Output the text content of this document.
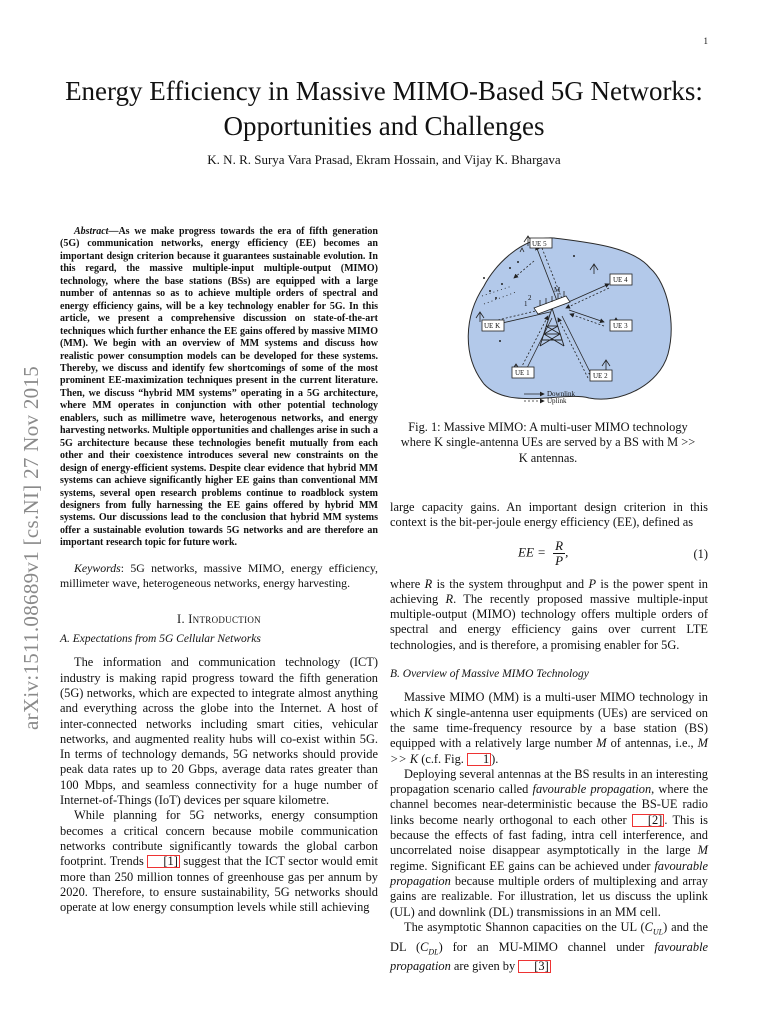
1
arXiv:1511.08689v1 [cs.NI] 27 Nov 2015
Energy Efficiency in Massive MIMO-Based 5G Networks: Opportunities and Challenges
K. N. R. Surya Vara Prasad, Ekram Hossain, and Vijay K. Bhargava

Abstract—As we make progress towards the era of fifth generation (5G) communication networks, energy efficiency (EE) becomes an important design criterion because it guarantees sustainable evolution. In this regard, the massive multiple-input multiple-output (MIMO) technology, where the base stations (BSs) are equipped with a large number of antennas so as to achieve multiple orders of spectral and energy efficiency gains, will be a key technology enabler for 5G. In this article, we present a comprehensive discussion on state-of-the-art techniques which further enhance the EE gains offered by massive MIMO (MM). We begin with an overview of MM systems and discuss how realistic power consumption models can be developed for these systems. Thereby, we discuss and identify few shortcomings of some of the most prominent EE-maximization techniques present in the current literature. Then, we discuss “hybrid MM systems” operating in a 5G architecture, where MM operates in conjunction with other potential technology enablers, such as millimetre wave, heterogenous networks, and energy harvesting networks. Multiple opportunities and challenges arise in such a 5G architecture because these technologies benefit mutually from each other and their coexistence introduces several new constraints on the design of energy-efficient systems. Despite clear evidence that hybrid MM systems can achieve significantly higher EE gains than conventional MM systems, several open research problems continue to roadblock system designers from fully harnessing the EE gains offered by hybrid MM systems. Our discussions lead to the conclusion that hybrid MM systems offer a sustainable evolution towards 5G networks and are therefore an important research topic for future work.

Keywords: 5G networks, massive MIMO, energy efficiency, millimeter wave, heterogeneous networks, energy harvesting.

I. Introduction
A. Expectations from 5G Cellular Networks

The information and communication technology (ICT) industry is making rapid progress toward the fifth generation (5G) networks, which are expected to integrate almost anything and everything across the globe into the Internet. A host of inter-connected networks including smart cities, vehicular networks, and augmented reality hubs will co-exist within 5G. In terms of technology demands, 5G networks should provide peak data rates up to 20 Gbps, average data rates greater than 100 Mbps, and seamless connectivity for a huge number of Internet-of-Things (IoT) devices per square kilometre.

While planning for 5G networks, energy consumption becomes a critical concern because mobile communication networks contribute significantly towards the global carbon footprint. Trends [1] suggest that the ICT sector would emit more than 250 million tonnes of greenhouse gas per annum by 2020. Therefore, to ensure sustainability, 5G networks should operate at low energy consumption levels while still achieving

UE 5
UE 4
UE 3
UE 2
UE 1
UE K
M
1
2
Downlink
Uplink
Fig. 1: Massive MIMO: A multi-user MIMO technology where K single-antenna UEs are served by a BS with M >> K antennas.

large capacity gains. An important design criterion in this context is the bit-per-joule energy efficiency (EE), defined as

EE = $\frac{R}{P}$ ,	(1)

where R is the system throughput and P is the power spent in achieving R. The recently proposed massive multiple-input multiple-output (MIMO) technology offers multiple orders of spectral and energy efficiency gains over current LTE technologies, and is therefore, a promising enabler for 5G.

B. Overview of Massive MIMO Technology

Massive MIMO (MM) is a multi-user MIMO technology in which K single-antenna user equipments (UEs) are serviced on the same time-frequency resource by a base station (BS) equipped with a relatively large number M of antennas, i.e., M >> K (c.f. Fig. 1 ).

Deploying several antennas at the BS results in an interesting propagation scenario called favourable propagation, where the channel becomes near-deterministic because the BS-UE radio links become nearly orthogonal to each other [2] . This is because the effects of fast fading, intra cell interference, and uncorrelated noise disappear asymptotically in the large M regime. Significant EE gains can be achieved under favourable propagation because multiple orders of multiplexing and array gains are realizable. For illustration, let us discuss the uplink (UL) and downlink (DL) transmissions in an MM cell.

The asymptotic Shannon capacities on the UL $(C_{UL})$ and the DL $(C_{DL})$ for an MU-MIMO channel under favourable propagation are given by [3]
